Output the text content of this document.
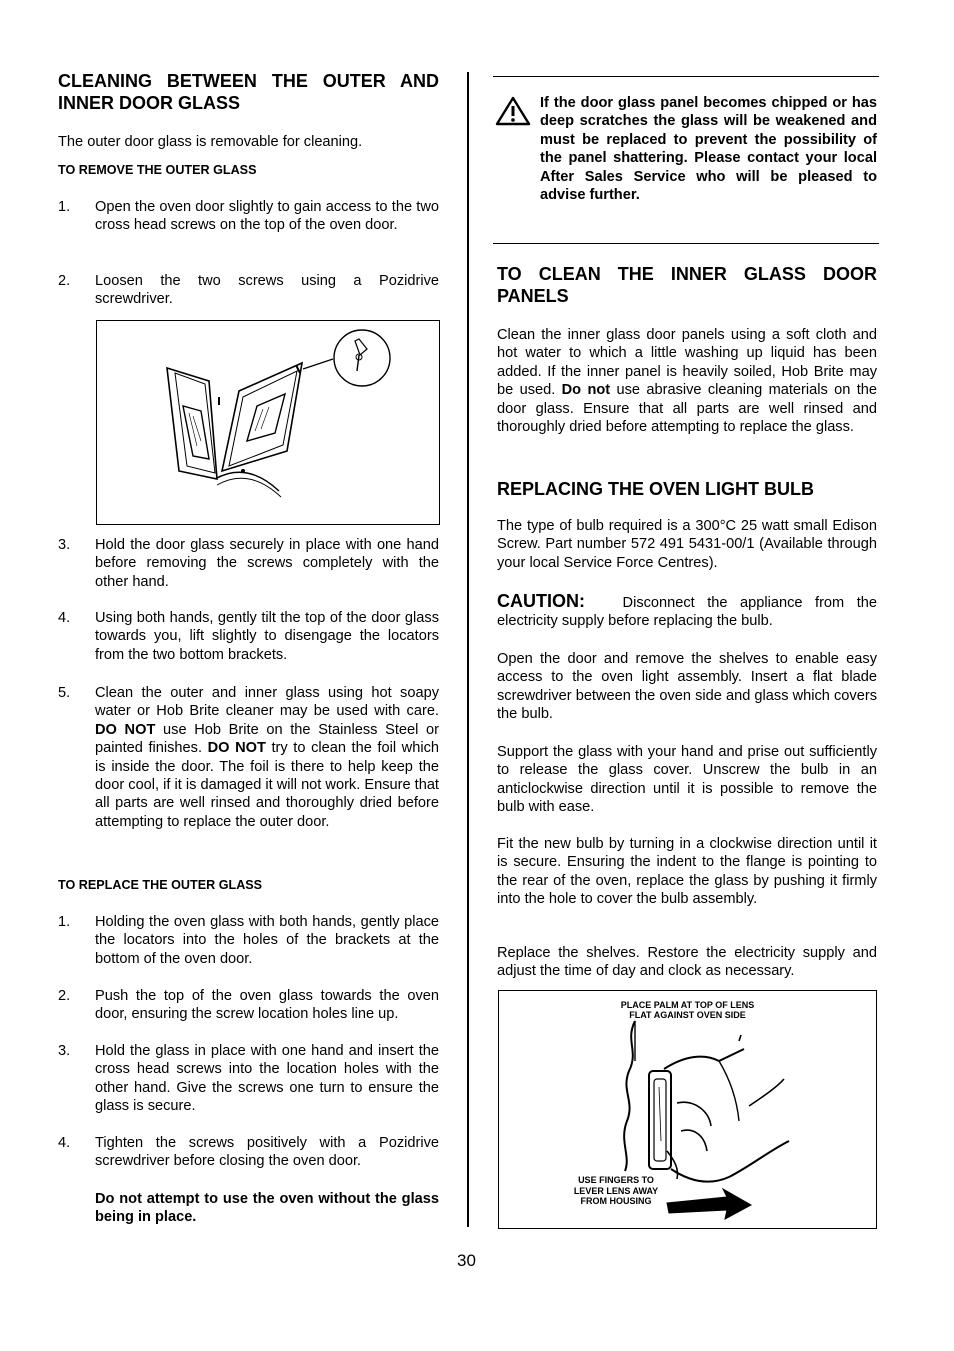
CLEANING BETWEEN THE OUTER AND INNER DOOR GLASS

The outer door glass is removable for cleaning.

TO REMOVE THE OUTER GLASS
1. Open the oven door slightly to gain access to the two cross head screws on the top of the oven door.
2. Loosen the two screws using a Pozidrive screwdriver.
3. Hold the door glass securely in place with one hand before removing the screws completely with the other hand.
4. Using both hands, gently tilt the top of the door glass towards you, lift slightly to disengage the locators from the two bottom brackets.
5. Clean the outer and inner glass using hot soapy water or Hob Brite cleaner may be used with care. DO NOT use Hob Brite on the Stainless Steel or painted finishes. DO NOT try to clean the foil which is inside the door. The foil is there to help keep the door cool, if it is damaged it will not work. Ensure that all parts are well rinsed and thoroughly dried before attempting to replace the outer door.
TO REPLACE THE OUTER GLASS
1. Holding the oven glass with both hands, gently place the locators into the holes of the brackets at the bottom of the oven door.
2. Push the top of the oven glass towards the oven door, ensuring the screw location holes line up.
3. Hold the glass in place with one hand and insert the cross head screws into the location holes with the other hand. Give the screws one turn to ensure the glass is secure.
4. Tighten the screws positively with a Pozidrive screwdriver before closing the oven door.
Do not attempt to use the oven without the glass being in place.
If the door glass panel becomes chipped or has deep scratches the glass will be weakened and must be replaced to prevent the possibility of the panel shattering. Please contact your local After Sales Service who will be pleased to advise further.
TO CLEAN THE INNER GLASS DOOR PANELS

Clean the inner glass door panels using a soft cloth and hot water to which a little washing up liquid has been added. If the inner panel is heavily soiled, Hob Brite may be used. Do not use abrasive cleaning materials on the door glass. Ensure that all parts are well rinsed and thoroughly dried before attempting to replace the glass.

REPLACING THE OVEN LIGHT BULB

The type of bulb required is a 300°C 25 watt small Edison Screw. Part number 572 491 5431-00/1 (Available through your local Service Force Centres).

CAUTION:	Disconnect the appliance from the electricity supply before replacing the bulb.

Open the door and remove the shelves to enable easy access to the oven light assembly. Insert a flat blade screwdriver between the oven side and glass which covers the bulb.

Support the glass with your hand and prise out sufficiently to release the glass cover. Unscrew the bulb in an anticlockwise direction until it is possible to remove the bulb with ease.

Fit the new bulb by turning in a clockwise direction until it is secure. Ensuring the indent to the flange is pointing to the rear of the oven, replace the glass by pushing it firmly into the hole to cover the bulb assembly.

Replace the shelves. Restore the electricity supply and adjust the time of day and clock as necessary.

PLACE PALM AT TOP OF LENS
FLAT AGAINST OVEN SIDE
USE FINGERS TO
LEVER LENS AWAY
FROM HOUSING
30
